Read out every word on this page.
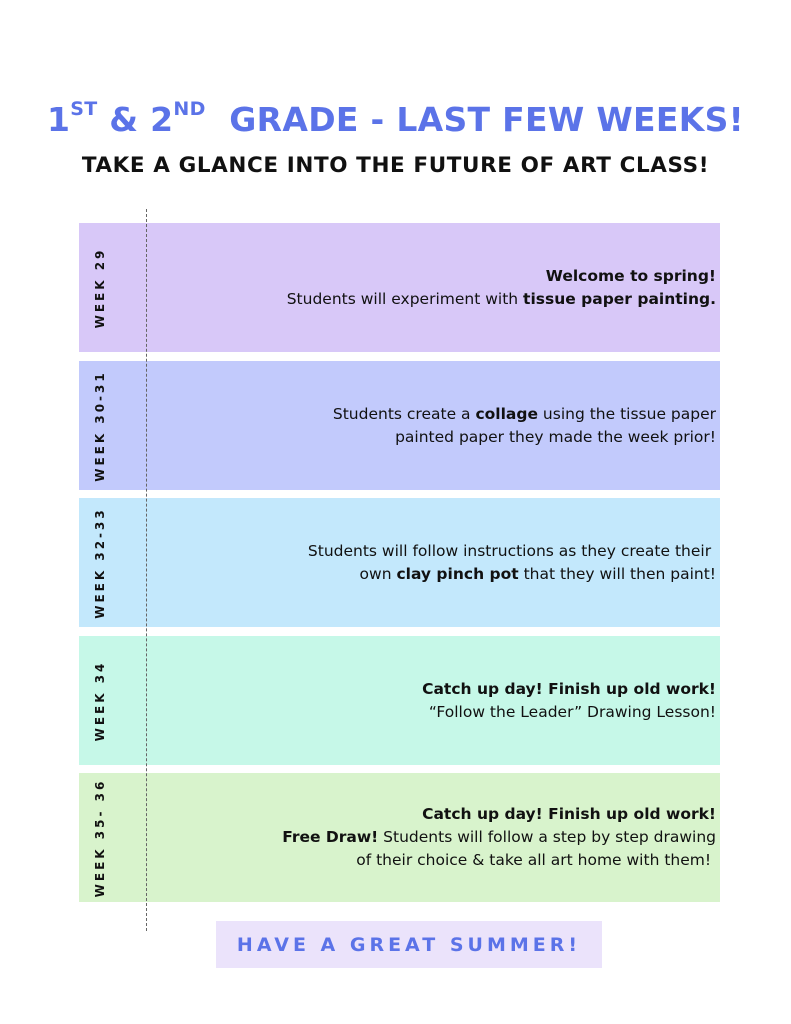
1ST & 2ND  GRADE - LAST FEW WEEKS!
TAKE A GLANCE INTO THE FUTURE OF ART CLASS!
WEEK 29	Welcome to spring!
Students will experiment with tissue paper painting.
WEEK 30-31	Students create a collage using the tissue paper
painted paper they made the week prior!
WEEK 32-33	Students will follow instructions as they create their
own clay pinch pot that they will then paint!
WEEK 34	Catch up day! Finish up old work!
“Follow the Leader” Drawing Lesson!
WEEK 35- 36	Catch up day! Finish up old work!
Free Draw! Students will follow a step by step drawing
of their choice & take all art home with them!
HAVE A GREAT SUMMER!
